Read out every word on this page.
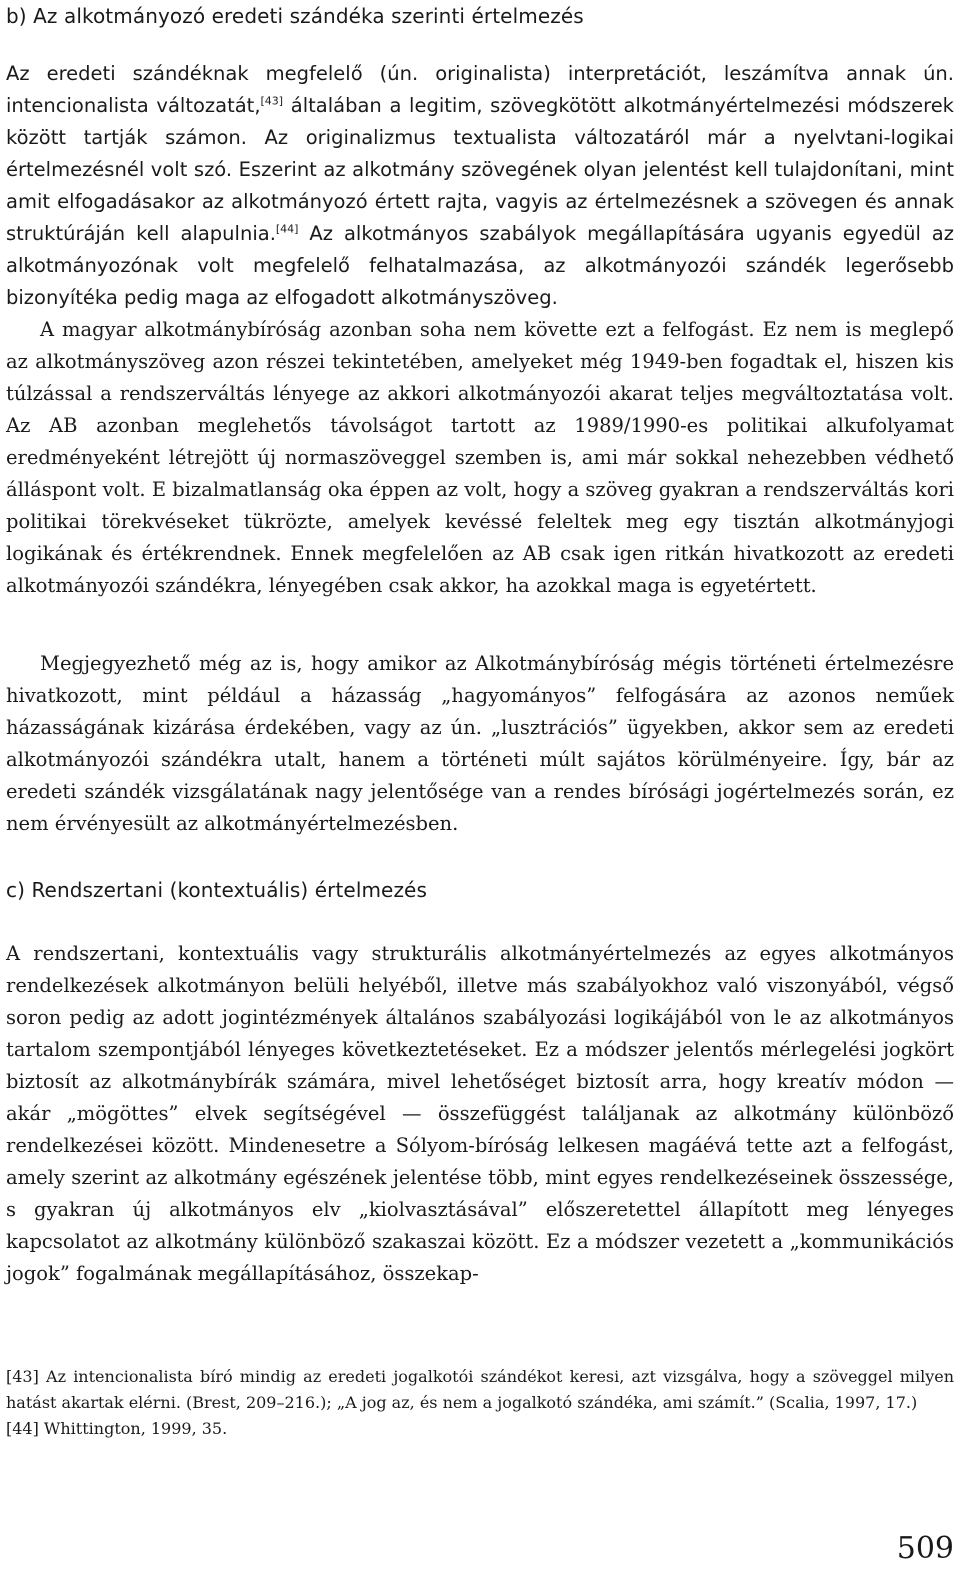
b) Az alkotmányozó eredeti szándéka szerinti értelmezés

Az eredeti szándéknak megfelelő (ún. originalista) interpretációt, leszámítva annak ún. intencionalista változatát,[43] általában a legitim, szövegkötött alkotmányértelmezési módszerek között tartják számon. Az originalizmus textualista változatáról már a nyelvtani-logikai értelmezésnél volt szó. Eszerint az alkotmány szövegének olyan jelentést kell tulajdonítani, mint amit elfogadásakor az alkotmányozó értett rajta, vagyis az értelmezésnek a szövegen és annak struktúráján kell alapulnia.[44] Az alkotmányos szabályok megállapítására ugyanis egyedül az alkotmányozónak volt megfelelő felhatalmazása, az alkotmányozói szándék legerősebb bizonyítéka pedig maga az elfogadott alkotmányszöveg.
A magyar alkotmánybíróság azonban soha nem követte ezt a felfogást. Ez nem is meglepő az alkotmányszöveg azon részei tekintetében, amelyeket még 1949-ben fogadtak el, hiszen kis túlzással a rendszerváltás lényege az akkori alkotmányozói akarat teljes megváltoztatása volt. Az AB azonban meglehetős távolságot tartott az 1989/1990-es politikai alkufolyamat eredményeként létrejött új normaszöveggel szemben is, ami már sokkal nehezebben védhető álláspont volt. E bizalmatlanság oka éppen az volt, hogy a szöveg gyakran a rendszerváltás kori politikai törekvéseket tükrözte, amelyek kevéssé feleltek meg egy tisztán alkotmányjogi logikának és értékrendnek. Ennek megfelelően az AB csak igen ritkán hivatkozott az eredeti alkotmányozói szándékra, lényegében csak akkor, ha azokkal maga is egyetértett.

Megjegyezhető még az is, hogy amikor az Alkotmánybíróság mégis történeti értelmezésre hivatkozott, mint például a házasság „hagyományos” felfogására az azonos neműek házasságának kizárása érdekében, vagy az ún. „lusztrációs” ügyekben, akkor sem az eredeti alkotmányozói szándékra utalt, hanem a történeti múlt sajátos körülményeire. Így, bár az eredeti szándék vizsgálatának nagy jelentősége van a rendes bírósági jogértelmezés során, ez nem érvényesült az alkotmányértelmezésben.

c) Rendszertani (kontextuális) értelmezés

A rendszertani, kontextuális vagy strukturális alkotmányértelmezés az egyes alkotmányos rendelkezések alkotmányon belüli helyéből, illetve más szabályokhoz való viszonyából, végső soron pedig az adott jogintézmények általános szabályozási logikájából von le az alkotmányos tartalom szempontjából lényeges következtetéseket. Ez a módszer jelentős mérlegelési jogkört biztosít az alkotmánybírák számára, mivel lehetőséget biztosít arra, hogy kreatív módon — akár „mögöttes” elvek segítségével — összefüggést találjanak az alkotmány különböző rendelkezései között. Mindenesetre a Sólyom-bíróság lelkesen magáévá tette azt a felfogást, amely szerint az alkotmány egészének jelentése több, mint egyes rendelkezéseinek összessége, s gyakran új alkotmányos elv „kiolvasztásával” előszeretettel állapított meg lényeges kapcsolatot az alkotmány különböző szakaszai között. Ez a módszer vezetett a „kommunikációs jogok” fogalmának megállapításához, összekap-

[43] Az intencionalista bíró mindig az eredeti jogalkotói szándékot keresi, azt vizsgálva, hogy a szöveggel milyen hatást akartak elérni. (Brest, 209–216.); „A jog az, és nem a jogalkotó szándéka, ami számít.” (Scalia, 1997, 17.)

[44] Whittington, 1999, 35.

509
